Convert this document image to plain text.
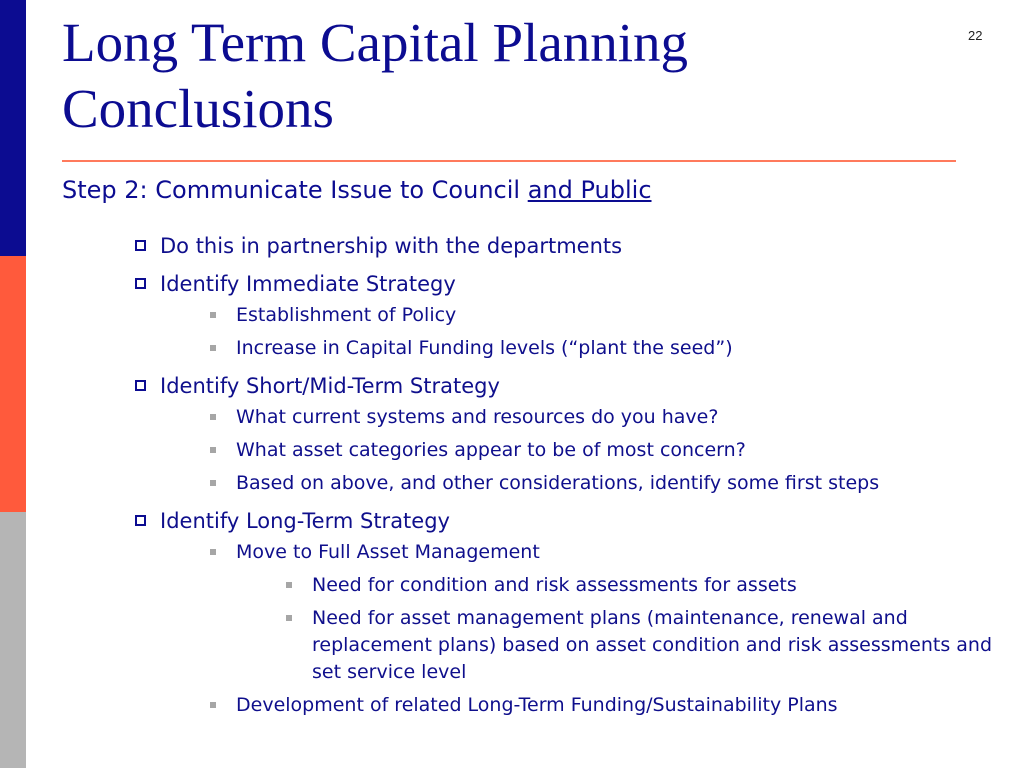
22
Long Term Capital Planning
Conclusions
Step 2: Communicate Issue to Council and Public
Do this in partnership with the departments
Identify Immediate Strategy
Establishment of Policy
Increase in Capital Funding levels (“plant the seed”)
Identify Short/Mid-Term Strategy
What current systems and resources do you have?
What asset categories appear to be of most concern?
Based on above, and other considerations, identify some first steps
Identify Long-Term Strategy
Move to Full Asset Management
Need for condition and risk assessments for assets
Need for asset management plans (maintenance, renewal and replacement plans) based on asset condition and risk assessments and set service level
Development of related Long-Term Funding/Sustainability Plans
